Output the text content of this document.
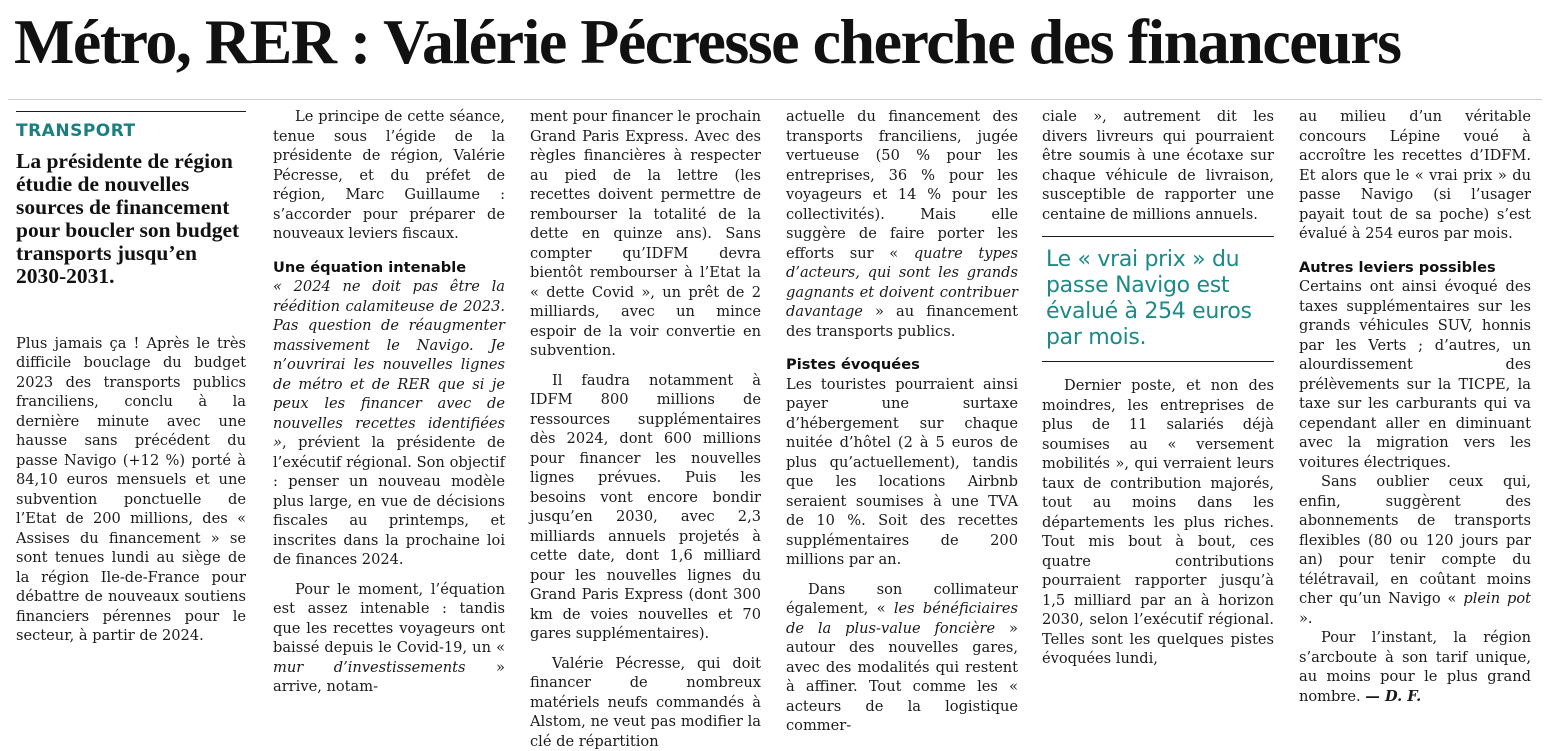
Métro, RER : Valérie Pécresse cherche des financeurs
TRANSPORT
La présidente de région étudie de nouvelles sources de financement pour boucler son budget transports jusqu’en 2030-2031.

Plus jamais ça ! Après le très difficile bouclage du budget 2023 des transports publics franciliens, conclu à la dernière minute avec une hausse sans précédent du passe Navigo (+12 %) porté à 84,10 euros mensuels et une subvention ponctuelle de l’Etat de 200 millions, des « Assises du financement » se sont tenues lundi au siège de la région Ile-de-France pour débattre de nouveaux soutiens financiers pérennes pour le secteur, à partir de 2024.

Le principe de cette séance, tenue sous l’égide de la présidente de région, Valérie Pécresse, et du préfet de région, Marc Guillaume : s’accorder pour préparer de nouveaux leviers fiscaux.

Une équation intenable

« 2024 ne doit pas être la réédition calamiteuse de 2023. Pas question de réaugmenter massivement le Navigo. Je n’ouvrirai les nouvelles lignes de métro et de RER que si je peux les financer avec de nouvelles recettes identifiées », prévient la présidente de l’exécutif régional. Son objectif : penser un nouveau modèle plus large, en vue de décisions fiscales au printemps, et inscrites dans la prochaine loi de finances 2024.

Pour le moment, l’équation est assez intenable : tandis que les recettes voyageurs ont baissé depuis le Covid-19, un « mur d’investissements » arrive, notam-

ment pour financer le prochain Grand Paris Express. Avec des règles financières à respecter au pied de la lettre (les recettes doivent permettre de rembourser la totalité de la dette en quinze ans). Sans compter qu’IDFM devra bientôt rembourser à l’Etat la « dette Covid », un prêt de 2 milliards, avec un mince espoir de la voir convertie en subvention.

Il faudra notamment à IDFM 800 millions de ressources supplémentaires dès 2024, dont 600 millions pour financer les nouvelles lignes prévues. Puis les besoins vont encore bondir jusqu’en 2030, avec 2,3 milliards annuels projetés à cette date, dont 1,6 milliard pour les nouvelles lignes du Grand Paris Express (dont 300 km de voies nouvelles et 70 gares supplémentaires).

Valérie Pécresse, qui doit financer de nombreux matériels neufs commandés à Alstom, ne veut pas modifier la clé de répartition

actuelle du financement des transports franciliens, jugée vertueuse (50 % pour les entreprises, 36 % pour les voyageurs et 14 % pour les collectivités). Mais elle suggère de faire porter les efforts sur « quatre types d’acteurs, qui sont les grands gagnants et doivent contribuer davantage » au financement des transports publics.

Pistes évoquées

Les touristes pourraient ainsi payer une surtaxe d’hébergement sur chaque nuitée d’hôtel (2 à 5 euros de plus qu’actuellement), tandis que les locations Airbnb seraient soumises à une TVA de 10 %. Soit des recettes supplémentaires de 200 millions par an.

Dans son collimateur également, « les bénéficiaires de la plus-value foncière » autour des nouvelles gares, avec des modalités qui restent à affiner. Tout comme les « acteurs de la logistique commer-

ciale », autrement dit les divers livreurs qui pourraient être soumis à une écotaxe sur chaque véhicule de livraison, susceptible de rapporter une centaine de millions annuels.

Le « vrai prix » du passe Navigo est évalué à 254 euros par mois.

Dernier poste, et non des moindres, les entreprises de plus de 11 salariés déjà soumises au « versement mobilités », qui verraient leurs taux de contribution majorés, tout au moins dans les départements les plus riches. Tout mis bout à bout, ces quatre contributions pourraient rapporter jusqu’à 1,5 milliard par an à horizon 2030, selon l’exécutif régional. Telles sont les quelques pistes évoquées lundi,

au milieu d’un véritable concours Lépine voué à accroître les recettes d’IDFM. Et alors que le « vrai prix » du passe Navigo (si l’usager payait tout de sa poche) s’est évalué à 254 euros par mois.

Autres leviers possibles

Certains ont ainsi évoqué des taxes supplémentaires sur les grands véhicules SUV, honnis par les Verts ; d’autres, un alourdissement des prélèvements sur la TICPE, la taxe sur les carburants qui va cependant aller en diminuant avec la migration vers les voitures électriques.

Sans oublier ceux qui, enfin, suggèrent des abonnements de transports flexibles (80 ou 120 jours par an) pour tenir compte du télétravail, en coûtant moins cher qu’un Navigo « plein pot ».

Pour l’instant, la région s’arcboute à son tarif unique, au moins pour le plus grand nombre. — D. F.
